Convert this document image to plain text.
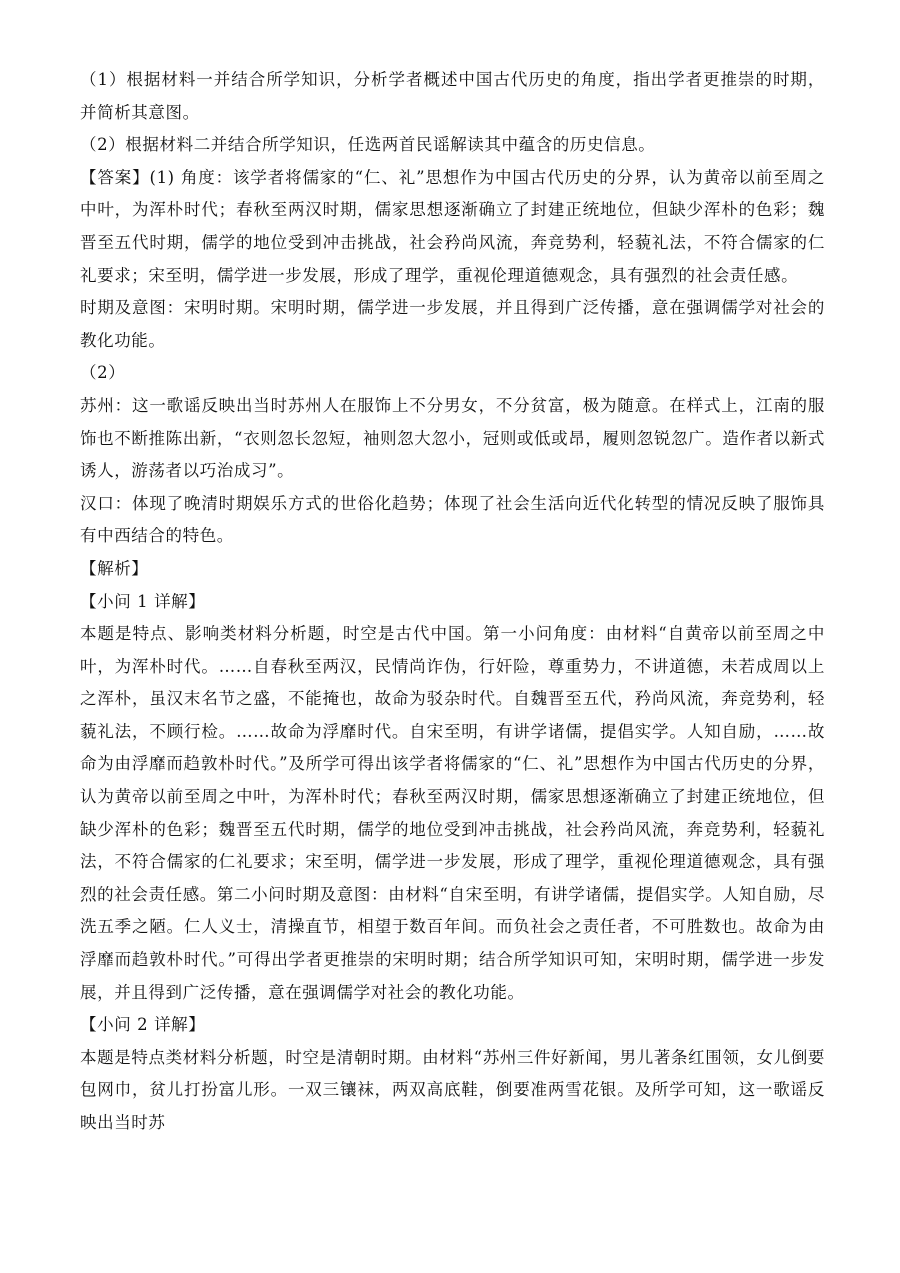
（1）根据材料一并结合所学知识，分析学者概述中国古代历史的角度，指出学者更推崇的时期，并简析其意图。

（2）根据材料二并结合所学知识，任选两首民谣解读其中蕴含的历史信息。

【答案】(1) 角度：该学者将儒家的“仁、礼”思想作为中国古代历史的分界，认为黄帝以前至周之中叶，为浑朴时代；春秋至两汉时期，儒家思想逐渐确立了封建正统地位，但缺少浑朴的色彩；魏晋至五代时期，儒学的地位受到冲击挑战，社会矜尚风流，奔竞势利，轻藐礼法，不符合儒家的仁礼要求；宋至明，儒学进一步发展，形成了理学，重视伦理道德观念，具有强烈的社会责任感。

时期及意图：宋明时期。宋明时期，儒学进一步发展，并且得到广泛传播，意在强调儒学对社会的教化功能。

（2）

苏州：这一歌谣反映出当时苏州人在服饰上不分男女，不分贫富，极为随意。在样式上，江南的服饰也不断推陈出新，“衣则忽长忽短，袖则忽大忽小，冠则或低或昂，履则忽锐忽广。造作者以新式诱人，游荡者以巧治成习”。

汉口：体现了晚清时期娱乐方式的世俗化趋势；体现了社会生活向近代化转型的情况反映了服饰具有中西结合的特色。

【解析】

【小问 1 详解】

本题是特点、影响类材料分析题，时空是古代中国。第一小问角度：由材料“自黄帝以前至周之中叶，为浑朴时代。……自春秋至两汉，民情尚诈伪，行奸险，尊重势力，不讲道德，未若成周以上之浑朴，虽汉末名节之盛，不能掩也，故命为驳杂时代。自魏晋至五代，矜尚风流，奔竞势利，轻藐礼法，不顾行检。……故命为浮靡时代。自宋至明，有讲学诸儒，提倡实学。人知自励，……故命为由浮靡而趋敦朴时代。”及所学可得出该学者将儒家的“仁、礼”思想作为中国古代历史的分界，认为黄帝以前至周之中叶，为浑朴时代；春秋至两汉时期，儒家思想逐渐确立了封建正统地位，但缺少浑朴的色彩；魏晋至五代时期，儒学的地位受到冲击挑战，社会矜尚风流，奔竞势利，轻藐礼法，不符合儒家的仁礼要求；宋至明，儒学进一步发展，形成了理学，重视伦理道德观念，具有强烈的社会责任感。第二小问时期及意图：由材料“自宋至明，有讲学诸儒，提倡实学。人知自励，尽洗五季之陋。仁人义士，清操直节，相望于数百年间。而负社会之责任者，不可胜数也。故命为由浮靡而趋敦朴时代。”可得出学者更推崇的宋明时期；结合所学知识可知，宋明时期，儒学进一步发展，并且得到广泛传播，意在强调儒学对社会的教化功能。

【小问 2 详解】

本题是特点类材料分析题，时空是清朝时期。由材料“苏州三件好新闻，男儿著条红围领，女儿倒要包网巾，贫儿打扮富儿形。一双三镶袜，两双高底鞋，倒要准两雪花银。及所学可知，这一歌谣反映出当时苏
